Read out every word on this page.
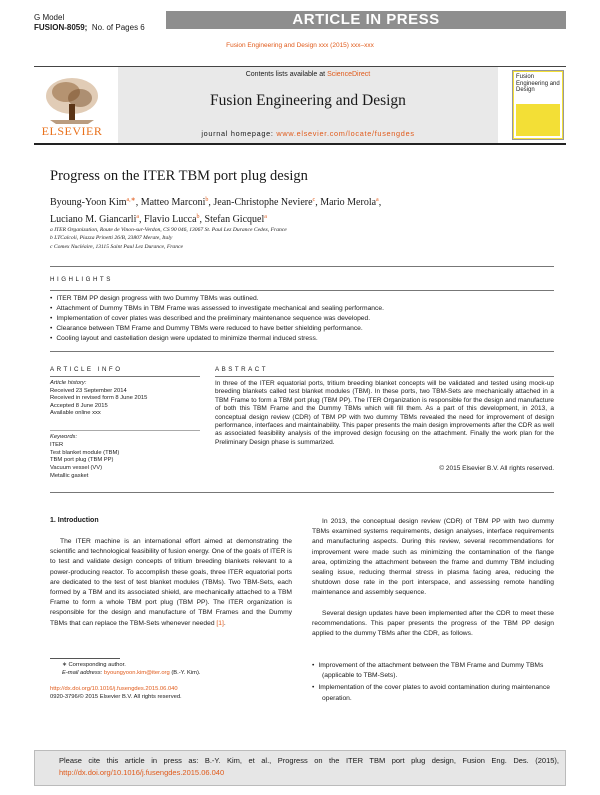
G Model
FUSION-8059; No. of Pages 6	ARTICLE IN PRESS
Fusion Engineering and Design xxx (2015) xxx–xxx
ELSEVIER
Contents lists available at ScienceDirect
Fusion Engineering and Design
journal homepage: www.elsevier.com/locate/fusengdes
Fusion Engineering and Design
Progress on the ITER TBM port plug design
Byoung-Yoon Kim$^{a,∗}$, Matteo Marconi$^b$, Jean-Christophe Neviere$^c$, Mario Merola$^a$,
Luciano M. Giancarli$^a$, Flavio Lucca$^b$, Stefan Gicquel$^a$
a ITER Organization, Route de Vinon-sur-Verdon, CS 90 046, 13067 St. Paul Lez Durance Cedex, France
b LTCalcoli, Piazza Prinetti 26/B, 23807 Merate, Italy
c Comex Nucléaire, 13115 Saint Paul Lez Durance, France
HIGHLIGHTS
• ITER TBM PP design progress with two Dummy TBMs was outlined.
• Attachment of Dummy TBMs in TBM Frame was assessed to investigate mechanical and sealing performance.
• Implementation of cover plates was described and the preliminary maintenance sequence was developed.
• Clearance between TBM Frame and Dummy TBMs were reduced to have better shielding performance.
• Cooling layout and castellation design were updated to minimize thermal induced stress.
ARTICLE INFO	ABSTRACT
Article history:
Received 23 September 2014
Received in revised form 8 June 2015
Accepted 8 June 2015
Available online xxx
Keywords:
ITER
Test blanket module (TBM)
TBM port plug (TBM PP)
Vacuum vessel (VV)
Metallic gasket
In three of the ITER equatorial ports, tritium breeding blanket concepts will be validated and tested using mock-up breeding blankets called test blanket modules (TBM). In these ports, two TBM-Sets are mechanically attached in a TBM Frame to form a TBM port plug (TBM PP). The ITER Organization is responsible for the design and manufacture of both this TBM Frame and the Dummy TBMs which will fill them. As a part of this development, in 2013, a conceptual design review (CDR) of TBM PP with two dummy TBMs revealed the need for improvement of design performance, interfaces and maintainability. This paper presents the main design improvements after the CDR as well as associated feasibility analysis of the improved design focusing on the attachment. Finally the work plan for the Preliminary Design phase is summarized.
© 2015 Elsevier B.V. All rights reserved.
1. Introduction
The ITER machine is an international effort aimed at demonstrating the scientific and technological feasibility of fusion energy. One of the goals of ITER is to test and validate design concepts of tritium breeding blankets relevant to a power-producing reactor. To accomplish these goals, three ITER equatorial ports are dedicated to the test of test blanket modules (TBMs). Two TBM-Sets, each formed by a TBM and its associated shield, are mechanically attached to a TBM Frame to form a whole TBM port plug (TBM PP). The ITER organization is responsible for the design and manufacture of TBM Frames and the Dummy TBMs that can replace the TBM-Sets whenever needed [1].
In 2013, the conceptual design review (CDR) of TBM PP with two dummy TBMs examined systems requirements, design analyses, interface requirements and manufacturing aspects. During this review, several recommendations for improvement were made such as minimizing the contamination of the flange area, optimizing the attachment between the frame and dummy TBM including sealing issue, reducing thermal stress in plasma facing area, reducing the shutdown dose rate in the port interspace, and assessing remote handling maintenance and assembly sequence.
Several design updates have been implemented after the CDR to meet these recommendations. This paper presents the progress of the TBM PP design applied to the dummy TBMs after the CDR, as follows.
• Improvement of the attachment between the TBM Frame and Dummy TBMs (applicable to TBM-Sets).
• Implementation of the cover plates to avoid contamination during maintenance operation.
∗ Corresponding author.
E-mail address: byoungyoon.kim@iter.org (B.-Y. Kim).
http://dx.doi.org/10.1016/j.fusengdes.2015.06.040
0920-3796/© 2015 Elsevier B.V. All rights reserved.
Please cite this article in press as: B.-Y. Kim, et al., Progress on the ITER TBM port plug design, Fusion Eng. Des. (2015), http://dx.doi.org/10.1016/j.fusengdes.2015.06.040
